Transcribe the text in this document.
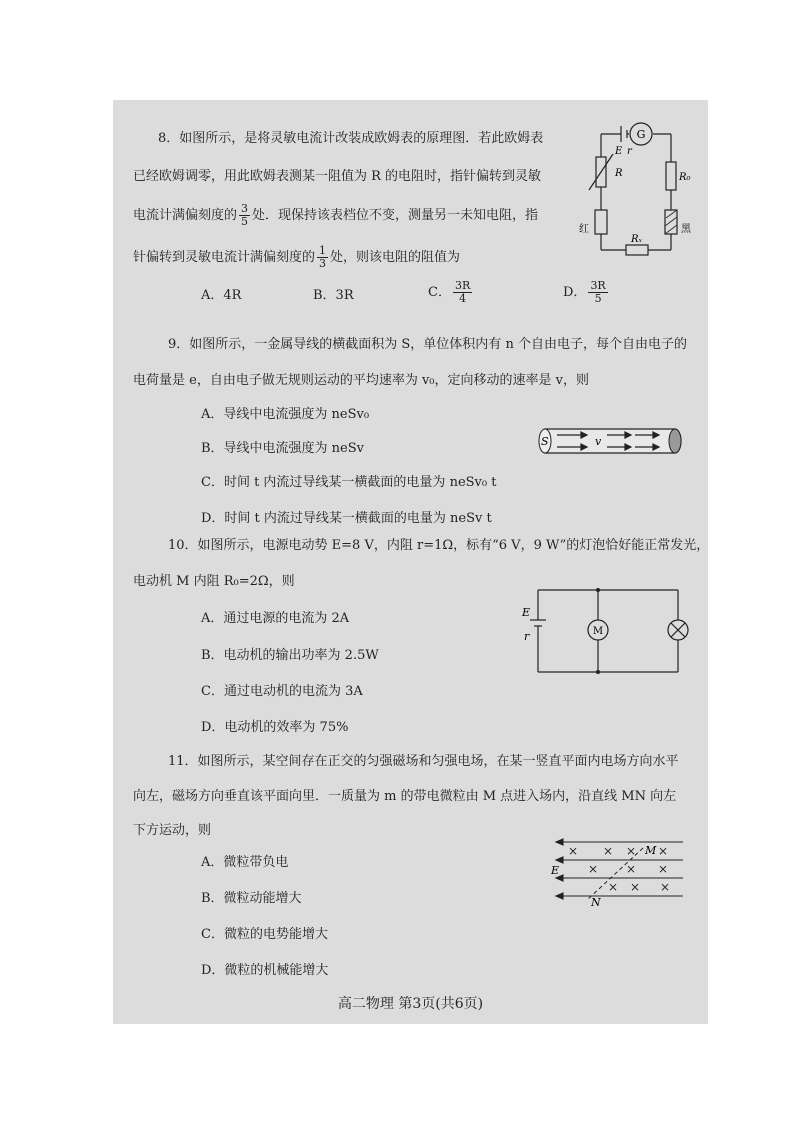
8．如图所示，是将灵敏电流计改装成欧姆表的原理图．若此欧姆表
已经欧姆调零，用此欧姆表测某一阻值为 R 的电阻时，指针偏转到灵敏
电流计满偏刻度的 $\frac{3}{5}$ 处．现保持该表档位不变，测量另一未知电阻，指
针偏转到灵敏电流计满偏刻度的 $\frac{1}{3}$ 处，则该电阻的阻值为
A．4R	B．3R	C． $\frac{3R}{4}$	D． $\frac{3R}{5}$
G
E r
R	R₀
Rₓ
红	黑
9．如图所示，一金属导线的横截面积为 S，单位体积内有 n 个自由电子，每个自由电子的
电荷量是 e，自由电子做无规则运动的平均速率为 v₀，定向移动的速率是 v，则
A．导线中电流强度为 neSv₀
B．导线中电流强度为 neSv
C．时间 t 内流过导线某一横截面的电量为 neSv₀ t
D．时间 t 内流过导线某一横截面的电量为 neSv t
S	v
10．如图所示，电源电动势 E=8 V，内阻 r=1Ω，标有“6 V，9 W”的灯泡恰好能正常发光，
电动机 M 内阻 R₀=2Ω，则
A．通过电源的电流为 2A
B．电动机的输出功率为 2.5W
C．通过电动机的电流为 3A
D．电动机的效率为 75%
M
E
r
11．如图所示，某空间存在正交的匀强磁场和匀强电场，在某一竖直平面内电场方向水平
向左，磁场方向垂直该平面向里．一质量为 m 的带电微粒由 M 点进入场内，沿直线 MN 向左
下方运动，则
A．微粒带负电
B．微粒动能增大
C．微粒的电势能增大
D．微粒的机械能增大
× × × ×
× × ×
× × ×
M
N
E
高二物理 第3页(共6页)
